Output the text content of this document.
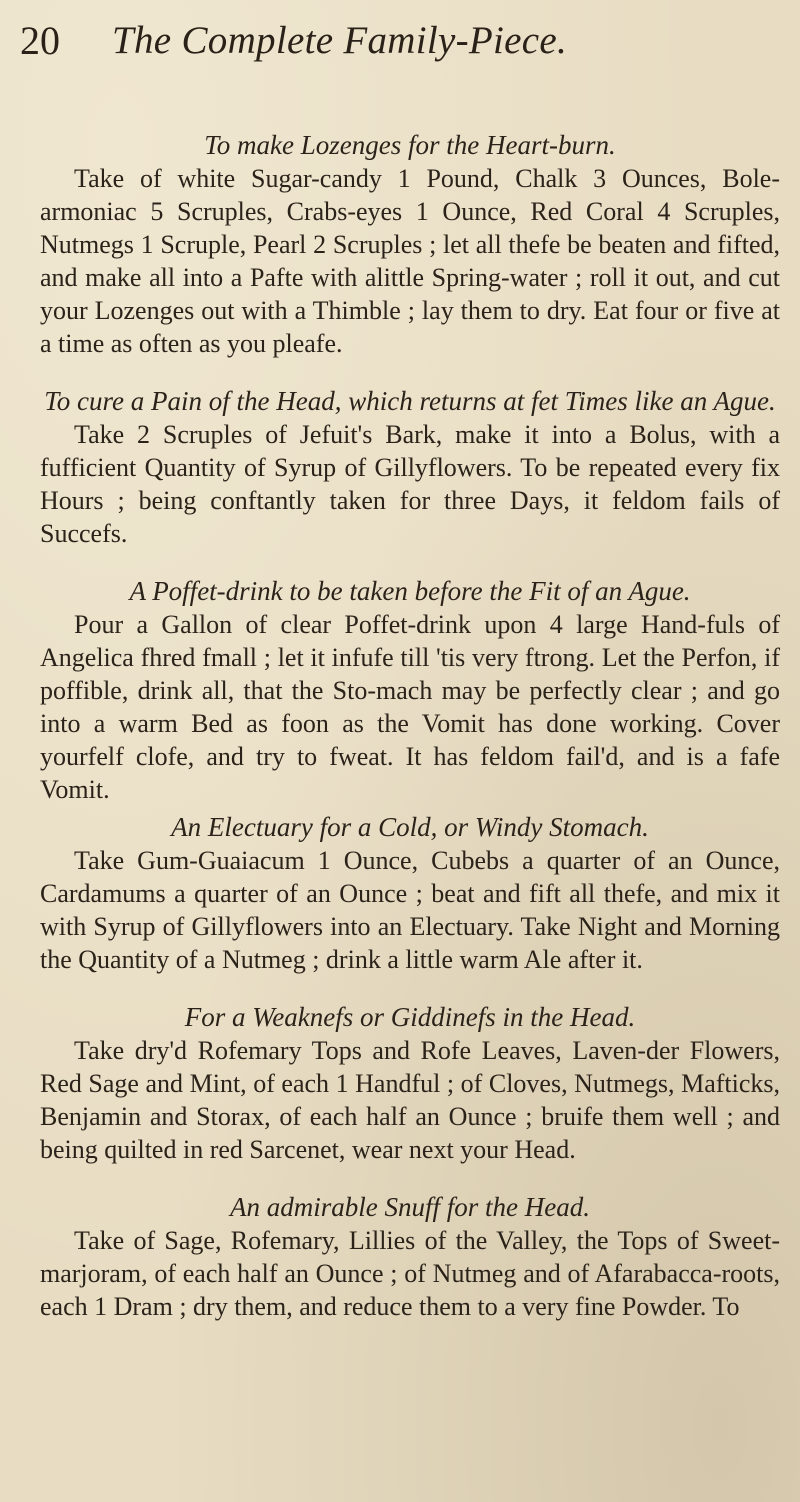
20 The Complete Family-Piece.

To make Lozenges for the Heart-burn.

Take of white Sugar-candy 1 Pound, Chalk 3 Ounces, Bole-armoniac 5 Scruples, Crabs-eyes 1 Ounce, Red Coral 4 Scruples, Nutmegs 1 Scruple, Pearl 2 Scruples ; let all thefe be beaten and fifted, and make all into a Pafte with alittle Spring-water ; roll it out, and cut your Lozenges out with a Thimble ; lay them to dry. Eat four or five at a time as often as you pleafe.

To cure a Pain of the Head, which returns at fet Times like an Ague.

Take 2 Scruples of Jefuit's Bark, make it into a Bolus, with a fufficient Quantity of Syrup of Gillyflowers. To be repeated every fix Hours ; being conftantly taken for three Days, it feldom fails of Succefs.

A Poffet-drink to be taken before the Fit of an Ague.

Pour a Gallon of clear Poffet-drink upon 4 large Hand-fuls of Angelica fhred fmall ; let it infufe till 'tis very ftrong. Let the Perfon, if poffible, drink all, that the Sto-mach may be perfectly clear ; and go into a warm Bed as foon as the Vomit has done working. Cover yourfelf clofe, and try to fweat. It has feldom fail'd, and is a fafe Vomit.

An Electuary for a Cold, or Windy Stomach.

Take Gum-Guaiacum 1 Ounce, Cubebs a quarter of an Ounce, Cardamums a quarter of an Ounce ; beat and fift all thefe, and mix it with Syrup of Gillyflowers into an Electuary. Take Night and Morning the Quantity of a Nutmeg ; drink a little warm Ale after it.

For a Weaknefs or Giddinefs in the Head.

Take dry'd Rofemary Tops and Rofe Leaves, Laven-der Flowers, Red Sage and Mint, of each 1 Handful ; of Cloves, Nutmegs, Mafticks, Benjamin and Storax, of each half an Ounce ; bruife them well ; and being quilted in red Sarcenet, wear next your Head.

An admirable Snuff for the Head.

Take of Sage, Rofemary, Lillies of the Valley, the Tops of Sweet-marjoram, of each half an Ounce ; of Nutmeg and of Afarabacca-roots, each 1 Dram ; dry them, and reduce them to a very fine Powder. To
